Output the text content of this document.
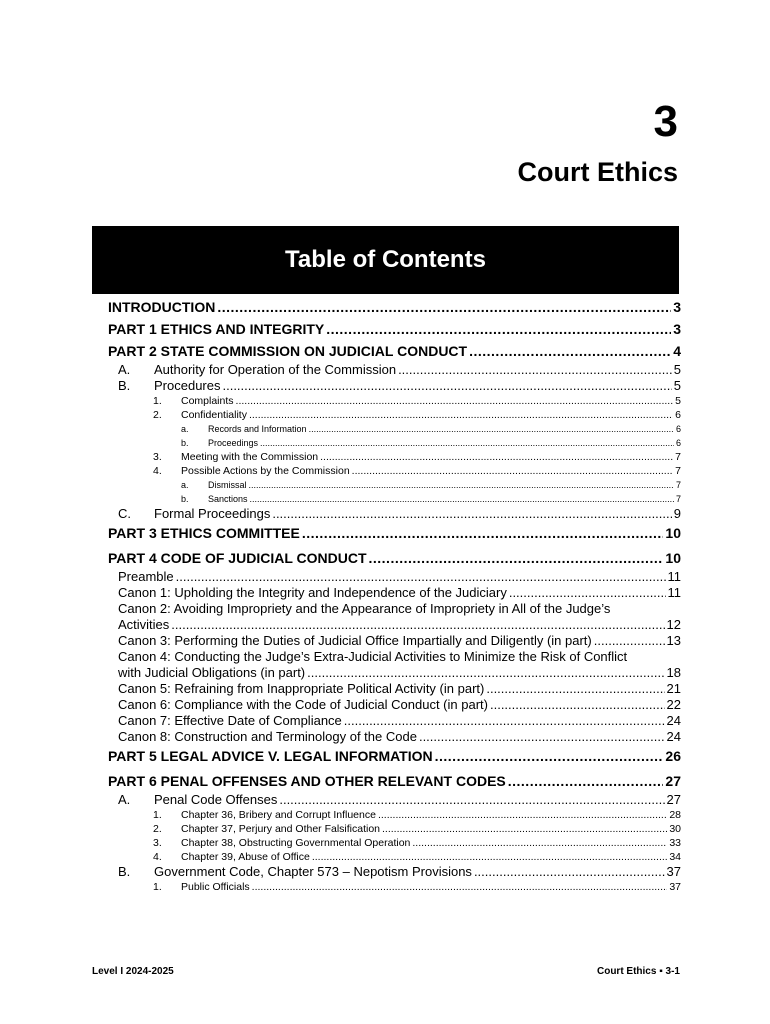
3
Court Ethics
Table of Contents
INTRODUCTION .....	3
PART 1 ETHICS AND INTEGRITY .....	3
PART 2 STATE COMMISSION ON JUDICIAL CONDUCT .....	4
A.	Authority for Operation of the Commission .....	5
B.	Procedures .....	5
1.	Complaints .....	5
2.	Confidentiality .....	6
a.	Records and Information .....	6
b.	Proceedings .....	6
3.	Meeting with the Commission .....	7
4.	Possible Actions by the Commission .....	7
a.	Dismissal .....	7
b.	Sanctions .....	7
C.	Formal Proceedings .....	9
PART 3 ETHICS COMMITTEE .....	10
PART 4 CODE OF JUDICIAL CONDUCT .....	10
Preamble .....	11
Canon 1: Upholding the Integrity and Independence of the Judiciary .....	11
Canon 2: Avoiding Impropriety and the Appearance of Impropriety in All of the Judge’s
Activities .....	12
Canon 3: Performing the Duties of Judicial Office Impartially and Diligently (in part) .....	13
Canon 4: Conducting the Judge’s Extra-Judicial Activities to Minimize the Risk of Conflict
with Judicial Obligations (in part) .....	18
Canon 5: Refraining from Inappropriate Political Activity (in part) .....	21
Canon 6: Compliance with the Code of Judicial Conduct (in part) .....	22
Canon 7: Effective Date of Compliance .....	24
Canon 8: Construction and Terminology of the Code .....	24
PART 5 LEGAL ADVICE V. LEGAL INFORMATION .....	26
PART 6 PENAL OFFENSES AND OTHER RELEVANT CODES .....	27
A.	Penal Code Offenses .....	27
1.	Chapter 36, Bribery and Corrupt Influence .....	28
2.	Chapter 37, Perjury and Other Falsification .....	30
3.	Chapter 38, Obstructing Governmental Operation .....	33
4.	Chapter 39, Abuse of Office .....	34
B.	Government Code, Chapter 573 – Nepotism Provisions .....	37
1.	Public Officials .....	37
Level I 2024-2025	Court Ethics ▪ 3-1
